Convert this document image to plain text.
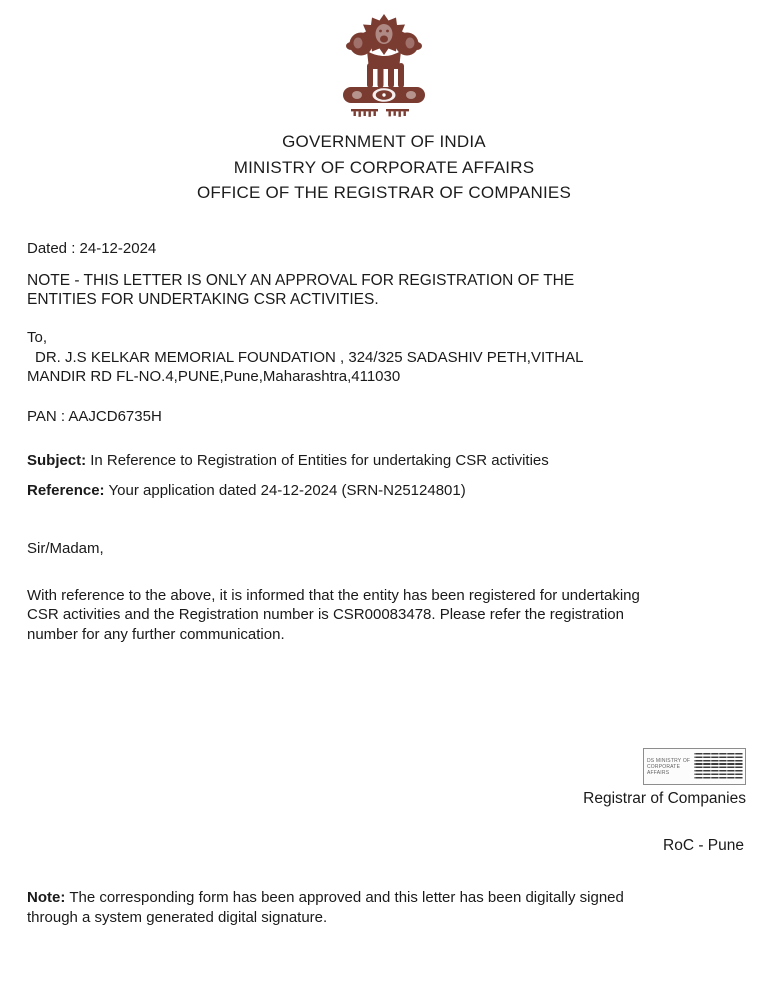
GOVERNMENT OF INDIA
MINISTRY OF CORPORATE AFFAIRS
OFFICE OF THE REGISTRAR OF COMPANIES

Dated : 24-12-2024

NOTE - THIS LETTER IS ONLY AN APPROVAL FOR REGISTRATION OF THE
ENTITIES FOR UNDERTAKING CSR ACTIVITIES.

To,

DR. J.S KELKAR MEMORIAL FOUNDATION , 324/325 SADASHIV PETH,VITHAL

MANDIR RD FL-NO.4,PUNE,Pune,Maharashtra,411030

PAN : AAJCD6735H

Subject: In Reference to Registration of Entities for undertaking CSR activities

Reference: Your application dated 24-12-2024 (SRN-N25124801)

Sir/Madam,

With reference to the above, it is informed that the entity has been registered for undertaking
CSR activities and the Registration number is CSR00083478. Please refer the registration
number for any further communication.

DS MINISTRY OF CORPORATE AFFAIRS
Registrar of Companies
RoC - Pune

Note: The corresponding form has been approved and this letter has been digitally signed
through a system generated digital signature.
